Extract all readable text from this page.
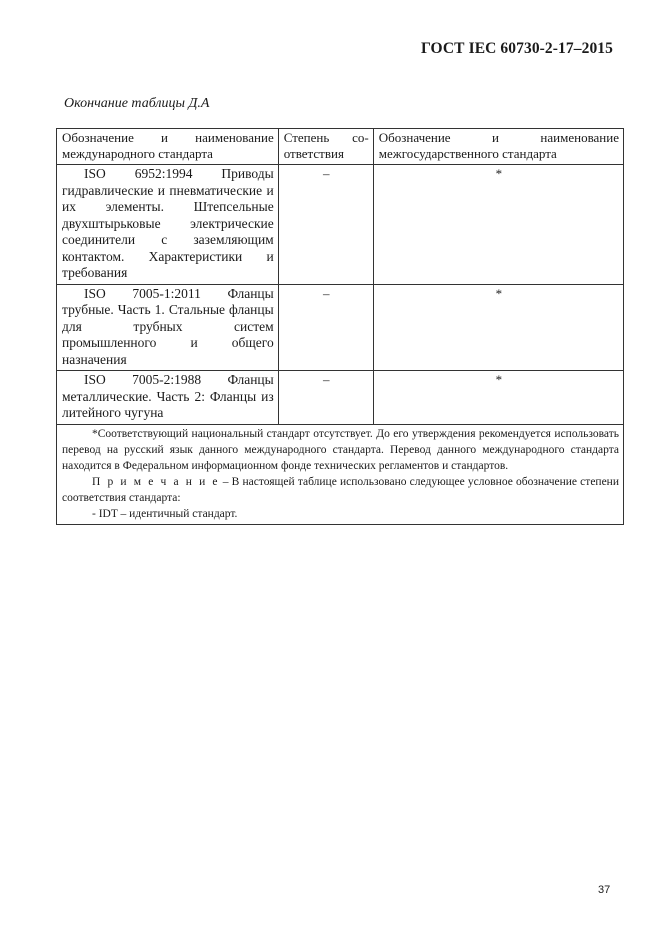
ГОСТ IEC 60730-2-17–2015
Окончание таблицы Д.А
Обозначение и наименование международного стандарта	Степень со-ответствия	Обозначение и наименование межгосударственного стандарта

ISO 6952:1994 Приводы гидравлические и пневматические и их элементы. Штепсельные двухштырьковые электрические соединители с заземляющим контактом. Характеристики и требования	–	*

ISO 7005-1:2011 Фланцы трубные. Часть 1. Стальные фланцы для трубных систем промышленного и общего назначения	–	*

ISO 7005-2:1988 Фланцы металлические. Часть 2: Фланцы из литейного чугуна	–	*

*Соответствующий национальный стандарт отсутствует. До его утверждения рекомендуется использовать перевод на русский язык данного международного стандарта. Перевод данного международного стандарта находится в Федеральном информационном фонде технических регламентов и стандартов.

П р и м е ч а н и е – В настоящей таблице использовано следующее условное обозначение степени соответствия стандарта:

- IDT – идентичный стандарт.		

37
